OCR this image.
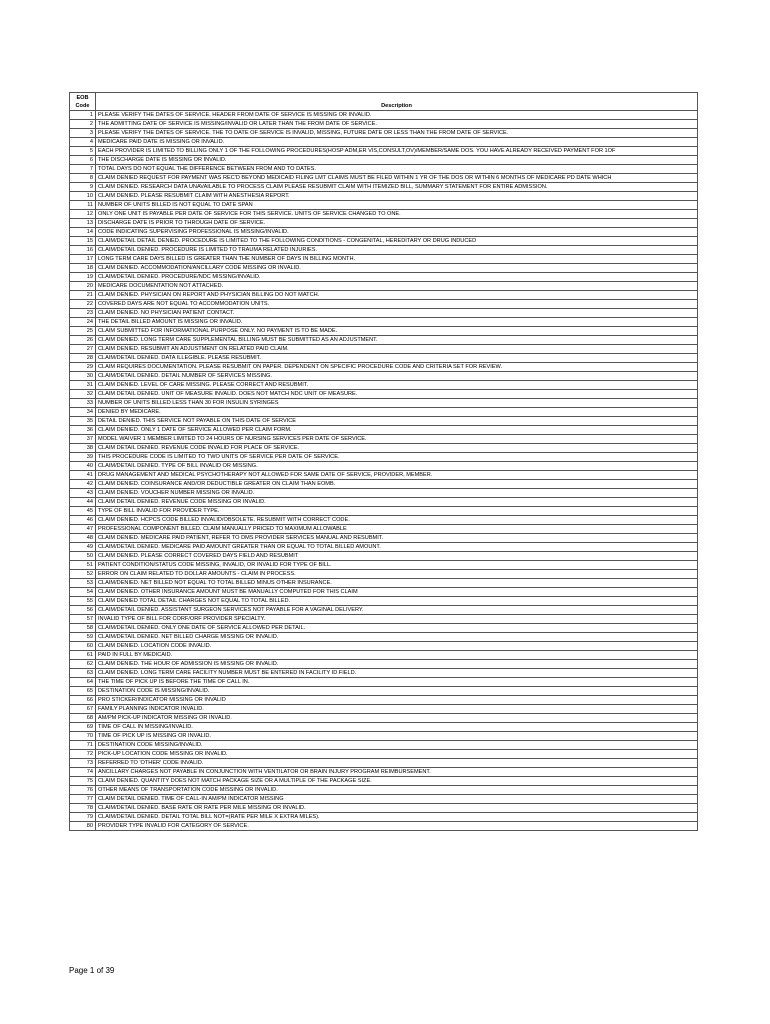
EOB
Code	Description
1	PLEASE VERIFY THE DATES OF SERVICE. HEADER FROM DATE OF SERVICE IS MISSING OR INVALID.
2	THE ADMITTING DATE OF SERVICE IS MISSING/INVALID OR LATER THAN THE FROM DATE OF SERVICE.
3	PLEASE VERIFY THE DATES OF SERVICE. THE TO DATE OF SERVICE IS INVALID, MISSING, FUTURE DATE OR LESS THAN THE FROM DATE OF SERVICE.
4	MEDICARE PAID DATE IS MISSING OR INVALID.
5	EACH PROVIDER IS LIMITED TO BILLING ONLY 1 OF THE FOLLOWING PROCEDURES(HOSP ADM,ER VIS,CONSULT,OV)/MEMBER/SAME DOS. YOU HAVE ALREADY RECEIVED PAYMENT FOR 1OF
6	THE DISCHARGE DATE IS MISSING OR INVALID.
7	TOTAL DAYS DO NOT EQUAL THE DIFFERENCE BETWEEN FROM AND TO DATES.
8	CLAIM DENIED REQUEST FOR PAYMENT WAS REC'D BEYOND MEDICAID FILING LMT CLAIMS MUST BE FILED WITHIN 1 YR OF THE DOS OR WITHIN 6 MONTHS OF MEDICARE PD DATE WHICH
9	CLAIM DENIED. RESEARCH DATA UNAVAILABLE TO PROCESS CLAIM PLEASE RESUBMIT CLAIM WITH ITEMIZED BILL, SUMMARY STATEMENT FOR ENTIRE ADMISSION.
10	CLAIM DENIED. PLEASE RESUBMIT CLAIM WITH ANESTHESIA REPORT.
11	NUMBER OF UNITS BILLED IS NOT EQUAL TO DATE SPAN
12	ONLY ONE UNIT IS PAYABLE PER DATE OF SERVICE FOR THIS SERVICE. UNITS OF SERVICE CHANGED TO ONE.
13	DISCHARGE DATE IS PRIOR TO THROUGH DATE OF SERVICE.
14	CODE INDICATING SUPERVISING PROFESSIONAL IS MISSING/INVALID.
15	CLAIM/DETAIL DETAIL DENIED. PROCEDURE IS LIMITED TO THE FOLLOWING CONDITIONS - CONGENITAL, HEREDITARY OR DRUG INDUCED
16	CLAIM/DETAIL DENIED. PROCEDURE IS LIMITED TO TRAUMA RELATED INJURIES.
17	LONG TERM CARE DAYS BILLED IS GREATER THAN THE NUMBER OF DAYS IN BILLING MONTH.
18	CLAIM DENIED. ACCOMMODATION/ANCILLARY CODE MISSING OR INVALID.
19	CLAIM/DETAIL DENIED. PROCEDURE/NDC MISSING/INVALID.
20	MEDICARE DOCUMENTATION NOT ATTACHED.
21	CLAIM DENIED. PHYSICIAN ON REPORT AND PHYSICIAN BILLING DO NOT MATCH.
22	COVERED DAYS ARE NOT EQUAL TO ACCOMMODATION UNITS.
23	CLAIM DENIED. NO PHYSICIAN PATIENT CONTACT.
24	THE DETAIL BILLED AMOUNT IS MISSING OR INVALID.
25	CLAIM SUBMITTED FOR INFORMATIONAL PURPOSE ONLY. NO PAYMENT IS TO BE MADE.
26	CLAIM DENIED. LONG TERM CARE SUPPLEMENTAL BILLING MUST BE SUBMITTED AS AN ADJUSTMENT.
27	CLAIM DENIED. RESUBMIT AN ADJUSTMENT ON RELATED PAID CLAIM.
28	CLAIM/DETAIL DENIED. DATA ILLEGIBLE. PLEASE RESUBMIT.
29	CLAIM REQUIRES DOCUMENTATION. PLEASE RESUBMIT ON PAPER. DEPENDENT ON SPECIFIC PROCEDURE CODE AND CRITERIA SET FOR REVIEW.
30	CLAIM/DETAIL DENIED. DETAIL NUMBER OF SERVICES MISSING.
31	CLAIM DENIED. LEVEL OF CARE MISSING. PLEASE CORRECT AND RESUBMIT.
32	CLAIM DETAIL DENIED. UNIT OF MEASURE INVALID. DOES NOT MATCH NDC UNIT OF MEASURE.
33	NUMBER OF UNITS BILLED LESS THAN 30 FOR INSULIN SYRINGES
34	DENIED BY MEDICARE.
35	DETAIL DENIED. THIS SERVICE NOT PAYABLE ON THIS DATE OF SERVICE
36	CLAIM DENIED. ONLY 1 DATE OF SERVICE ALLOWED PER CLAIM FORM.
37	MODEL WAIVER 1 MEMBER LIMITED TO 24 HOURS OF NURSING SERVICES PER DATE OF SERVICE.
38	CLAIM DETAIL DENIED. REVENUE CODE INVALID FOR PLACE OF SERVICE.
39	THIS PROCEDURE CODE IS LIMITED TO TWO UNITS OF SERVICE PER DATE OF SERVICE.
40	CLAIM/DETAIL DENIED. TYPE OF BILL INVALID OR MISSING.
41	DRUG MANAGEMENT AND MEDICAL PSYCHOTHERAPY NOT ALLOWED FOR SAME DATE OF SERVICE, PROVIDER, MEMBER.
42	CLAIM DENIED. COINSURANCE AND/OR DEDUCTIBLE GREATER ON CLAIM THAN EOMB.
43	CLAIM DENIED. VOUCHER NUMBER MISSING OR INVALID.
44	CLAIM DETAIL DENIED. REVENUE CODE MISSING OR INVALID.
45	TYPE OF BILL INVALID FOR PROVIDER TYPE.
46	CLAIM DENIED. HCPCS CODE BILLED INVALID/OBSOLETE. RESUBMIT WITH CORRECT CODE.
47	PROFESSIONAL COMPONENT BILLED. CLAIM MANUALLY PRICED TO MAXIMUM ALLOWABLE
48	CLAIM DENIED. MEDICARE PAID PATIENT, REFER TO DMS PROVIDER SERVICES MANUAL AND RESUBMIT.
49	CLAIM/DETAIL DENIED. MEDICARE PAID AMOUNT GREATER THAN OR EQUAL TO TOTAL BILLED AMOUNT.
50	CLAIM DENIED. PLEASE CORRECT COVERED DAYS FIELD AND RESUBMIT
51	PATIENT CONDITION/STATUS CODE MISSING, INVALID, OR INVALID FOR TYPE OF BILL.
52	ERROR ON CLAIM RELATED TO DOLLAR AMOUNTS - CLAIM IN PROCESS.
53	CLAIM/DENIED. NET BILLED NOT EQUAL TO TOTAL BILLED MINUS OTHER INSURANCE.
54	CLAIM DENIED. OTHER INSURANCE AMOUNT MUST BE MANUALLY COMPUTED FOR THIS CLAIM
55	CLAIM DENIED TOTAL DETAIL CHARGES NOT EQUAL TO TOTAL BILLED.
56	CLAIM/DETAIL DENIED. ASSISTANT SURGEON SERVICES NOT PAYABLE FOR A VAGINAL DELIVERY.
57	INVALID TYPE OF BILL FOR CORF/ORF PROVIDER SPECIALTY.
58	CLAIM/DETAIL DENIED. ONLY ONE DATE OF SERVICE ALLOWED PER DETAIL.
59	CLAIM/DETAIL DENIED. NET BILLED CHARGE MISSING OR INVALID.
60	CLAIM DENIED. LOCATION CODE INVALID.
61	PAID IN FULL BY MEDICAID.
62	CLAIM DENIED. THE HOUR OF ADMISSION IS MISSING OR INVALID.
63	CLAIM DENIED. LONG TERM CARE FACILITY NUMBER MUST BE ENTERED IN FACILITY ID FIELD.
64	THE TIME OF PICK UP IS BEFORE THE TIME OF CALL IN.
65	DESTINATION CODE IS MISSING/INVALID.
66	PRO STICKER/INDICATOR MISSING OR INVALID
67	FAMILY PLANNING INDICATOR INVALID.
68	AM/PM PICK-UP INDICATOR MISSING OR INVALID.
69	TIME OF CALL IN MISSING/INVALID.
70	TIME OF PICK UP IS MISSING OR INVALID.
71	DESTINATION CODE MISSING/INVALID.
72	PICK-UP LOCATION CODE MISSING OR INVALID.
73	REFERRED TO 'OTHER' CODE INVALID.
74	ANCILLARY CHARGES NOT PAYABLE IN CONJUNCTION WITH VENTILATOR OR BRAIN INJURY PROGRAM REIMBURSEMENT.
75	CLAIM DENIED. QUANTITY DOES NOT MATCH PACKAGE SIZE OR A MULTIPLE OF THE PACKAGE SIZE.
76	OTHER MEANS OF TRANSPORTATION CODE MISSING OR INVALID.
77	CLAIM DETAIL DENIED. TIME OF CALL-IN AM/PM INDICATOR MISSING
78	CLAIM/DETAIL DENIED. BASE RATE OR RATE PER MILE MISSING OR INVALID.
79	CLAIM/DETAIL DENIED. DETAIL TOTAL BILL NOT=(RATE PER MILE X EXTRA MILES).
80	PROVIDER TYPE INVALID FOR CATEGORY OF SERVICE.
Page 1 of 39
